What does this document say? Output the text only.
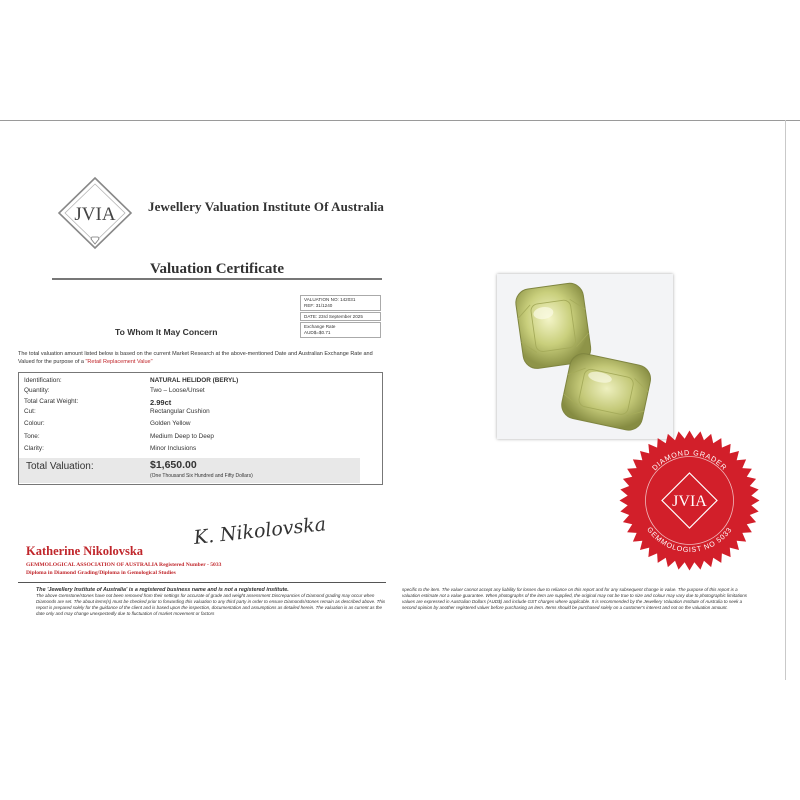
JVIA Jewellery Valuation Institute Of Australia
Valuation Certificate
VALUATION NO: 142031
REF: 31/1240
DATE: 23rd September 2025
Exchange Rate
AUD$=$0.71
To Whom It May Concern
The total valuation amount listed below is based on the current Market Research at the above-mentioned Date and Australian Exchange Rate and Valued for the purpose of a "Retail Replacement Value"
Identification:	NATURAL HELIDOR (BERYL)
Quantity:	Two – Loose/Unset
Total Carat Weight:	2.99ct
Cut:	Rectangular Cushion
Colour:	Golden Yellow
Tone:	Medium Deep to Deep
Clarity:	Minor Inclusions
Total Valuation:	$1,650.00
(One Thousand Six Hundred and Fifty Dollars)
Katherine Nikolovska
K. Nikolovska
GEMMOLOGICAL ASSOCIATION OF AUSTRALIA Registered Number - 5033
Diploma in Diamond Grading/Diploma in Gemological Studies
The 'Jewellery Institute of Australia' is a registered business name and is not a registered institute.
The above Gemstone/stones have not been removed from their settings for accurate of grade and weight assessment Discrepancies of Diamond grading may occur when Diamonds are set. The about items(s) must be checked prior to forwarding this valuation to any third party in order to ensure Diamonds/stones remain as described above. This report is prepared solely for the guidance of the client and is based upon the inspection, documentation and assumptions as detailed herein. The valuation is as current as the date only and may change unexpectedly due to fluctuation of market movement or factors
specific to the item. The valuer cannot accept any liability for losses due to reliance on this report and for any subsequent change in value. The purpose of this report is a valuation estimate not a value guarantee. When photographs of the item are supplied, the original may not be true to size and colour may vary due to photographic limitations values are expressed in Australian Dollars (AUD$) and include GST charges where applicable. It is recommended by the Jewellery Valuation Institute of Australia to seek a second opinion by another registered valuer before purchasing an item. Items should be purchased solely on a customer's interest and not on the valuation amount.
DIAMOND GRADER
GEMMOLOGIST NO 5033
JVIA
